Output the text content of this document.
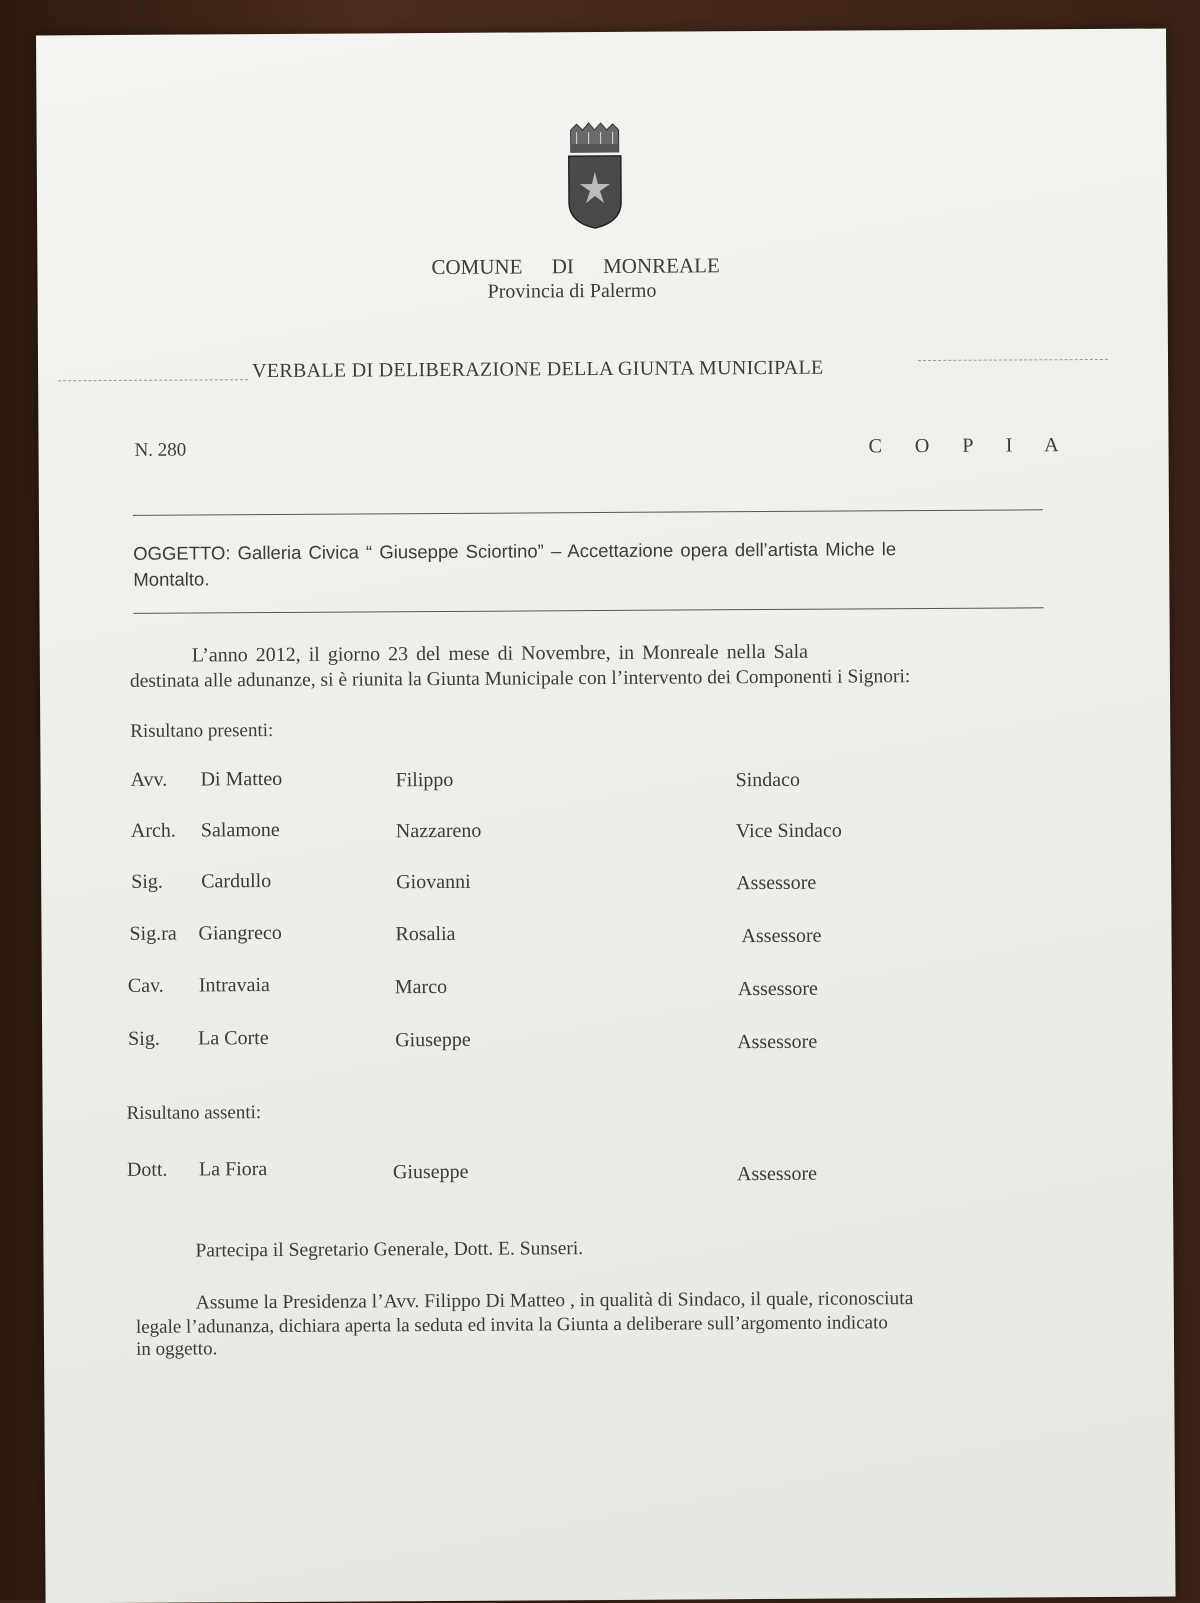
COMUNE DI MONREALE
Provincia di Palermo
VERBALE DI DELIBERAZIONE DELLA GIUNTA MUNICIPALE
N. 280	C O P I A
OGGETTO: Galleria Civica “ Giuseppe Sciortino” – Accettazione opera dell’artista Miche le
Montalto.
L’anno 2012, il giorno 23 del mese di Novembre, in Monreale nella Sala
destinata alle adunanze, si è riunita la Giunta Municipale con l’intervento dei Componenti i Signori:
Risultano presenti:
Avv. Di Matteo	Filippo	Sindaco
Arch. Salamone	Nazzareno	Vice Sindaco
Sig. Cardullo	Giovanni	Assessore
Sig.ra Giangreco	Rosalia	Assessore
Cav. Intravaia	Marco	Assessore
Sig. La Corte	Giuseppe	Assessore
Risultano assenti:
Dott. La Fiora	Giuseppe	Assessore
Partecipa il Segretario Generale, Dott. E. Sunseri.
Assume la Presidenza l’Avv. Filippo Di Matteo , in qualità di Sindaco, il quale, riconosciuta
legale l’adunanza, dichiara aperta la seduta ed invita la Giunta a deliberare sull’argomento indicato
in oggetto.
